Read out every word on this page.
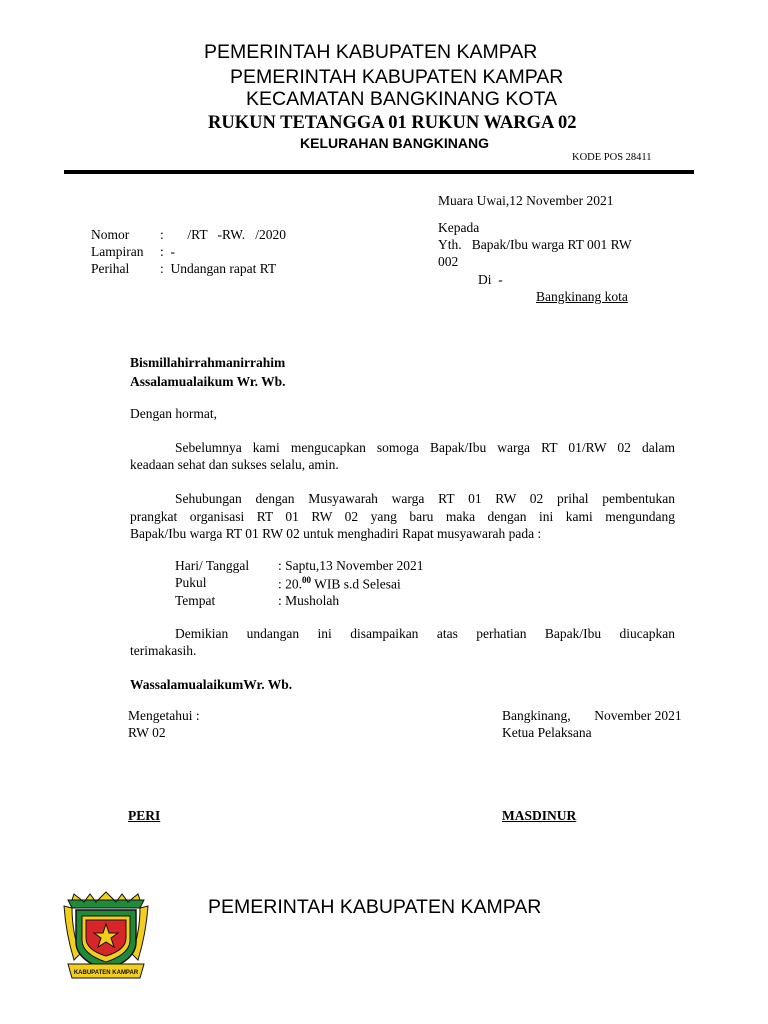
PEMERINTAH KABUPATEN KAMPAR
PEMERINTAH KABUPATEN KAMPAR
KECAMATAN BANGKINANG KOTA
RUKUN TETANGGA 01 RUKUN WARGA 02
KELURAHAN BANGKINANG
KODE POS 28411
Muara Uwai,12 November 2021
Nomor :       /RT   -RW.   /2020
Lampiran :  -
Perihal :  Undangan rapat RT
Kepada
Yth.   Bapak/Ibu warga RT 001 RW
002
Di  -
Bangkinang kota
Bismillahirrahmanirrahim
Assalamualaikum Wr. Wb.
Dengan hormat,
Sebelumnya kami mengucapkan somoga Bapak/Ibu warga RT 01/RW 02 dalam
keadaan sehat dan sukses selalu, amin.
Sehubungan dengan Musyawarah warga RT 01 RW 02 prihal pembentukan
prangkat organisasi RT 01 RW 02 yang baru maka dengan ini kami mengundang
Bapak/Ibu warga RT 01 RW 02 untuk menghadiri Rapat musyawarah pada :
Hari/ Tanggal : Saptu,13 November 2021
Pukul	: 20.00 WIB s.d Selesai
Tempat	: Musholah
Demikian undangan ini disampaikan atas perhatian Bapak/Ibu diucapkan
terimakasih.
WassalamualaikumWr. Wb.
Mengetahui :
RW 02
PERI
Bangkinang,       November 2021
Ketua Pelaksana
MASDINUR
KABUPATEN KAMPAR
PEMERINTAH KABUPATEN KAMPAR
